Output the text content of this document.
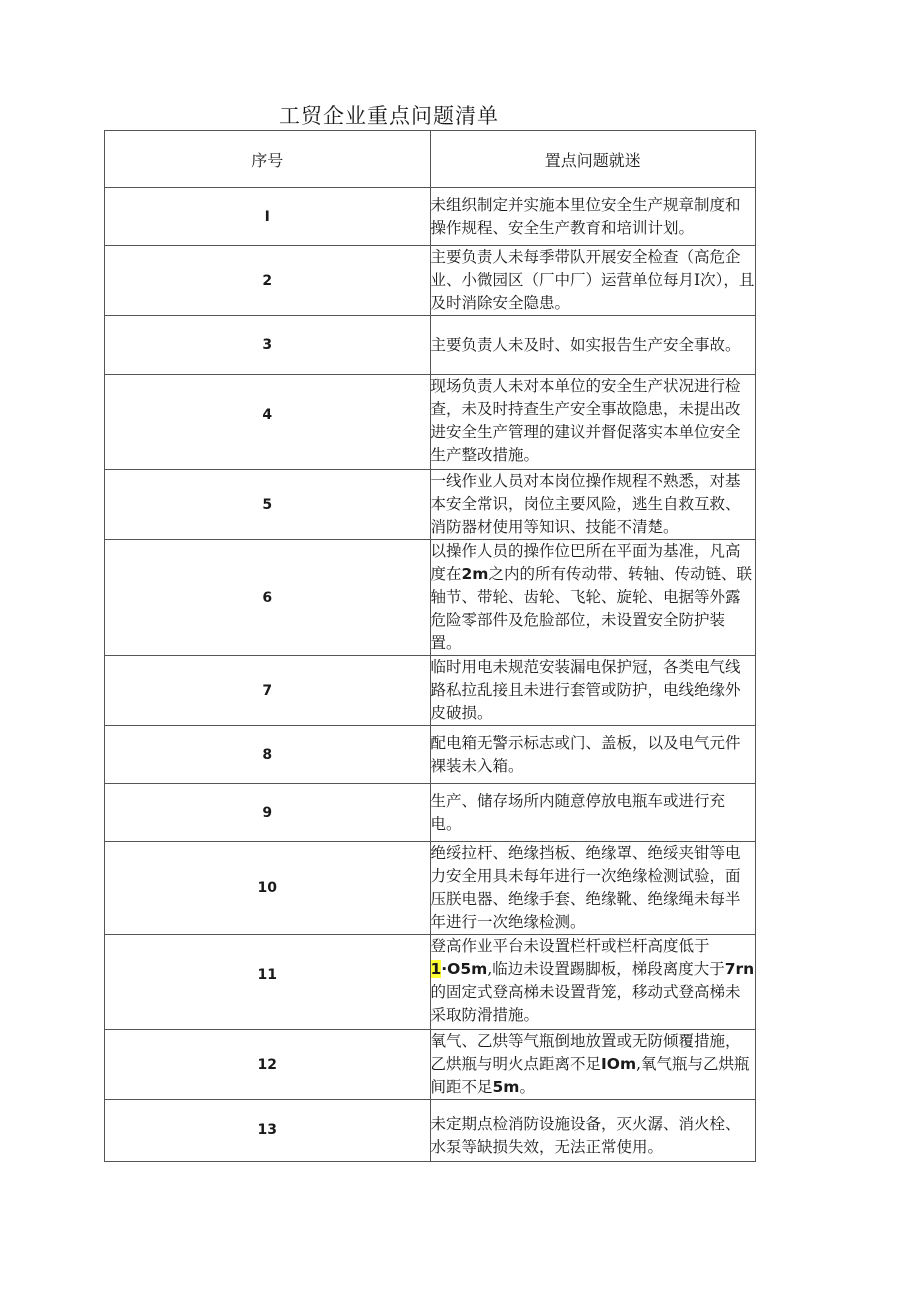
工贸企业重点问题清单
序号	置点问题就迷
I	未组织制定并实施本里位安全生产规章制度和操作规程、安全生产教育和培训计划。
2	主要负责人未每季带队开展安全检查（高危企业、小微园区（厂中厂）运营单位每月I次），且及时消除安全隐患。
3	主要负责人未及时、如实报告生产安全事故。
4	现场负责人未对本单位的安全生产状况进行检查，未及时持查生产安全事故隐患，未提出改进安全生产管理的建议并督促落实本单位安全生产整改措施。
5	一线作业人员对本岗位操作规程不熟悉，对基本安全常识，岗位主要风险，逃生自救互救、消防器材使用等知识、技能不清楚。
6	以操作人员的操作位巴所在平面为基准，凡高度在2m之内的所有传动带、转轴、传动链、联轴节、带轮、齿轮、飞轮、旋轮、电据等外露危险零部件及危脸部位，未设置安全防护装置。
7	临时用电未规范安装漏电保护冠，各类电气线路私拉乱接且未进行套管或防护，电线绝缘外皮破损。
8	配电箱无警示标志或门、盖板，以及电气元件裸装未入箱。
9	生产、储存场所内随意停放电瓶车或进行充电。
10	绝绥拉杆、绝缘挡板、绝缘罩、绝绥夹钳等电力安全用具未每年进行一次绝缘检测试验，面压朕电器、绝缘手套、绝缘靴、绝缘绳未每半年进行一次绝缘检测。
11	登高作业平台未设置栏杆或栏杆高度低于1·O5m,临边未设置踢脚板，梯段离度大于7rn的固定式登高梯未设置背笼，移动式登高梯未采取防滑措施。
12	氧气、乙烘等气瓶倒地放置或无防倾覆措施，乙烘瓶与明火点距离不足IOm,氧气瓶与乙烘瓶间距不足5m。
13	未定期点检消防设施设备，灭火潺、消火栓、水泵等缺损失效，无法正常使用。
